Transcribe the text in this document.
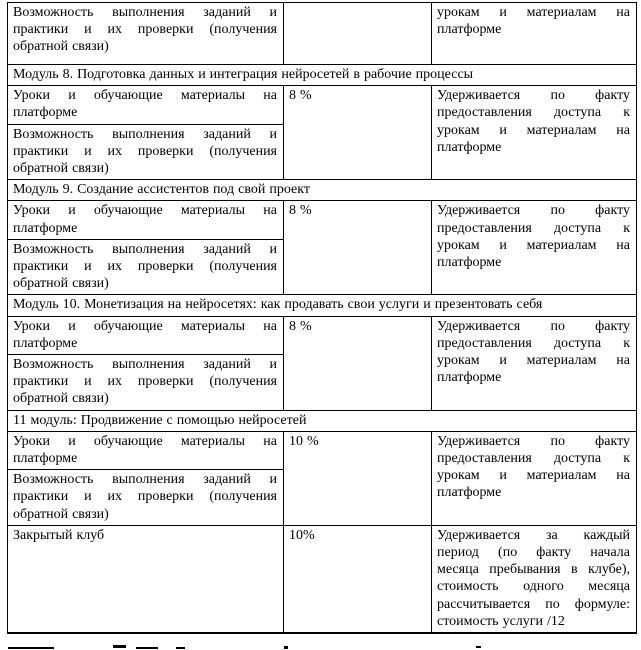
Возможность выполнения заданий и практики и их проверки (получения обратной связи)		урокам и материалам на платформе
Модуль 8. Подготовка данных и интеграция нейросетей в рабочие процессы		
Уроки и обучающие материалы на платформе	8 %	Удерживается по факту предоставления доступа к урокам и материалам на платформе
Возможность выполнения заданий и практики и их проверки (получения обратной связи)		
Модуль 9. Создание ассистентов под свой проект		
Уроки и обучающие материалы на платформе	8 %	Удерживается по факту предоставления доступа к урокам и материалам на платформе
Возможность выполнения заданий и практики и их проверки (получения обратной связи)		
Модуль 10. Монетизация на нейросетях: как продавать свои услуги и презентовать себя		
Уроки и обучающие материалы на платформе	8 %	Удерживается по факту предоставления доступа к урокам и материалам на платформе
Возможность выполнения заданий и практики и их проверки (получения обратной связи)		
11 модуль: Продвижение с помощью нейросетей		
Уроки и обучающие материалы на платформе	10 %	Удерживается по факту предоставления доступа к урокам и материалам на платформе
Возможность выполнения заданий и практики и их проверки (получения обратной связи)		
Закрытый клуб	10%	Удерживается за каждый период (по факту начала месяца пребывания в клубе), стоимость одного месяца рассчитывается по формуле: стоимость услуги /12
